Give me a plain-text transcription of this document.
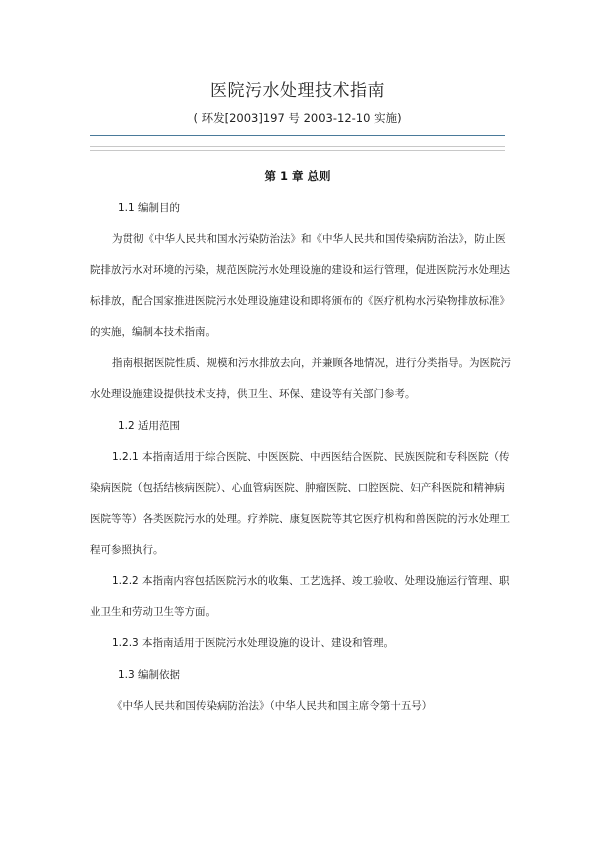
医院污水处理技术指南
( 环发[2003]197 号 2003-12-10 实施)
第 1 章 总则
1.1 编制目的
为贯彻《中华人民共和国水污染防治法》和《中华人民共和国传染病防治法》，防止医
院排放污水对环境的污染，规范医院污水处理设施的建设和运行管理，促进医院污水处理达
标排放，配合国家推进医院污水处理设施建设和即将颁布的《医疗机构水污染物排放标准》
的实施，编制本技术指南。
指南根据医院性质、规模和污水排放去向，并兼顾各地情况，进行分类指导。为医院污
水处理设施建设提供技术支持，供卫生、环保、建设等有关部门参考。
1.2 适用范围
1.2.1 本指南适用于综合医院、中医医院、中西医结合医院、民族医院和专科医院（传
染病医院（包括结核病医院）、心血管病医院、肿瘤医院、口腔医院、妇产科医院和精神病
医院等等）各类医院污水的处理。疗养院、康复医院等其它医疗机构和兽医院的污水处理工
程可参照执行。
1.2.2 本指南内容包括医院污水的收集、工艺选择、竣工验收、处理设施运行管理、职
业卫生和劳动卫生等方面。
1.2.3 本指南适用于医院污水处理设施的设计、建设和管理。
1.3 编制依据
《中华人民共和国传染病防治法》（中华人民共和国主席令第十五号）
